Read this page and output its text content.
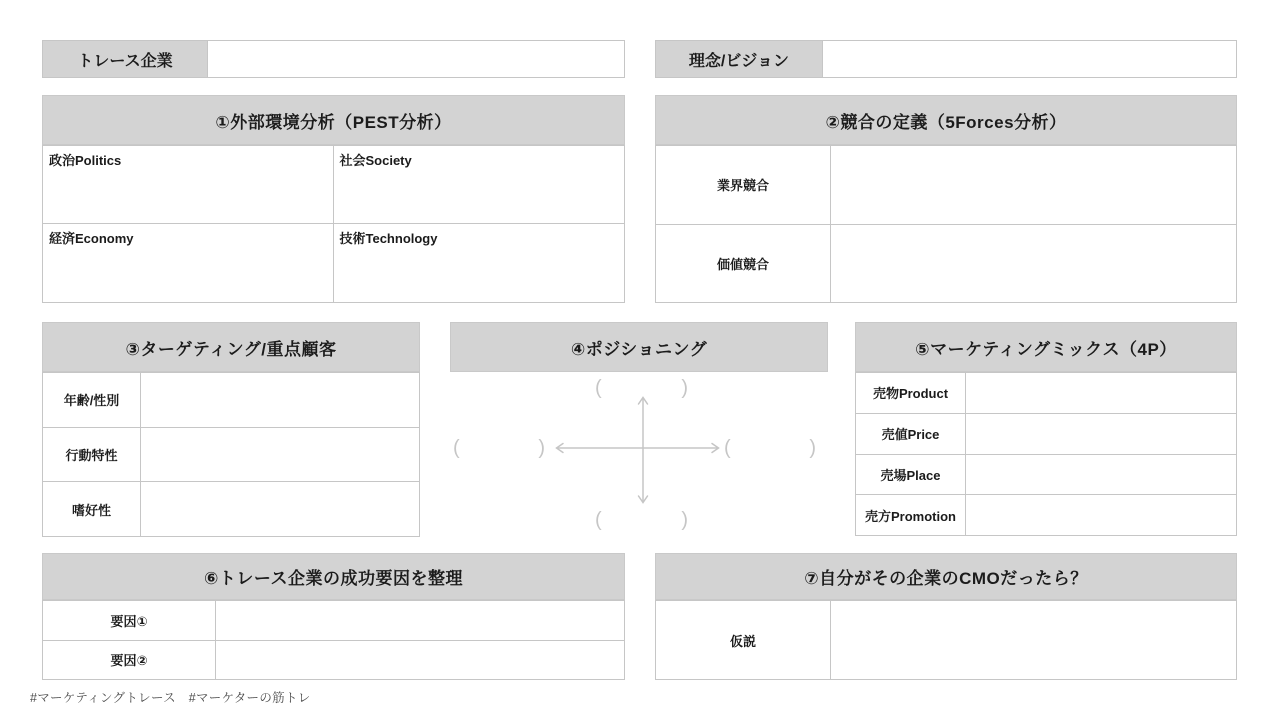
トレース企業	理念/ビジョン
①外部環境分析（PEST分析）
政治Politics	社会Society
経済Economy	技術Technology
②競合の定義（5Forces分析）
業界競合
価値競合
③ターゲティング/重点顧客
年齢/性別
行動特性
嗜好性
④ポジショニング
(	)
(	)	(	)
(	)
⑤マーケティングミックス（4P）
売物Product
売値Price
売場Place
売方Promotion
⑥トレース企業の成功要因を整理
要因①
要因②
⑦自分がその企業のCMOだったら？
仮説
#マーケティングトレース　#マーケターの筋トレ
